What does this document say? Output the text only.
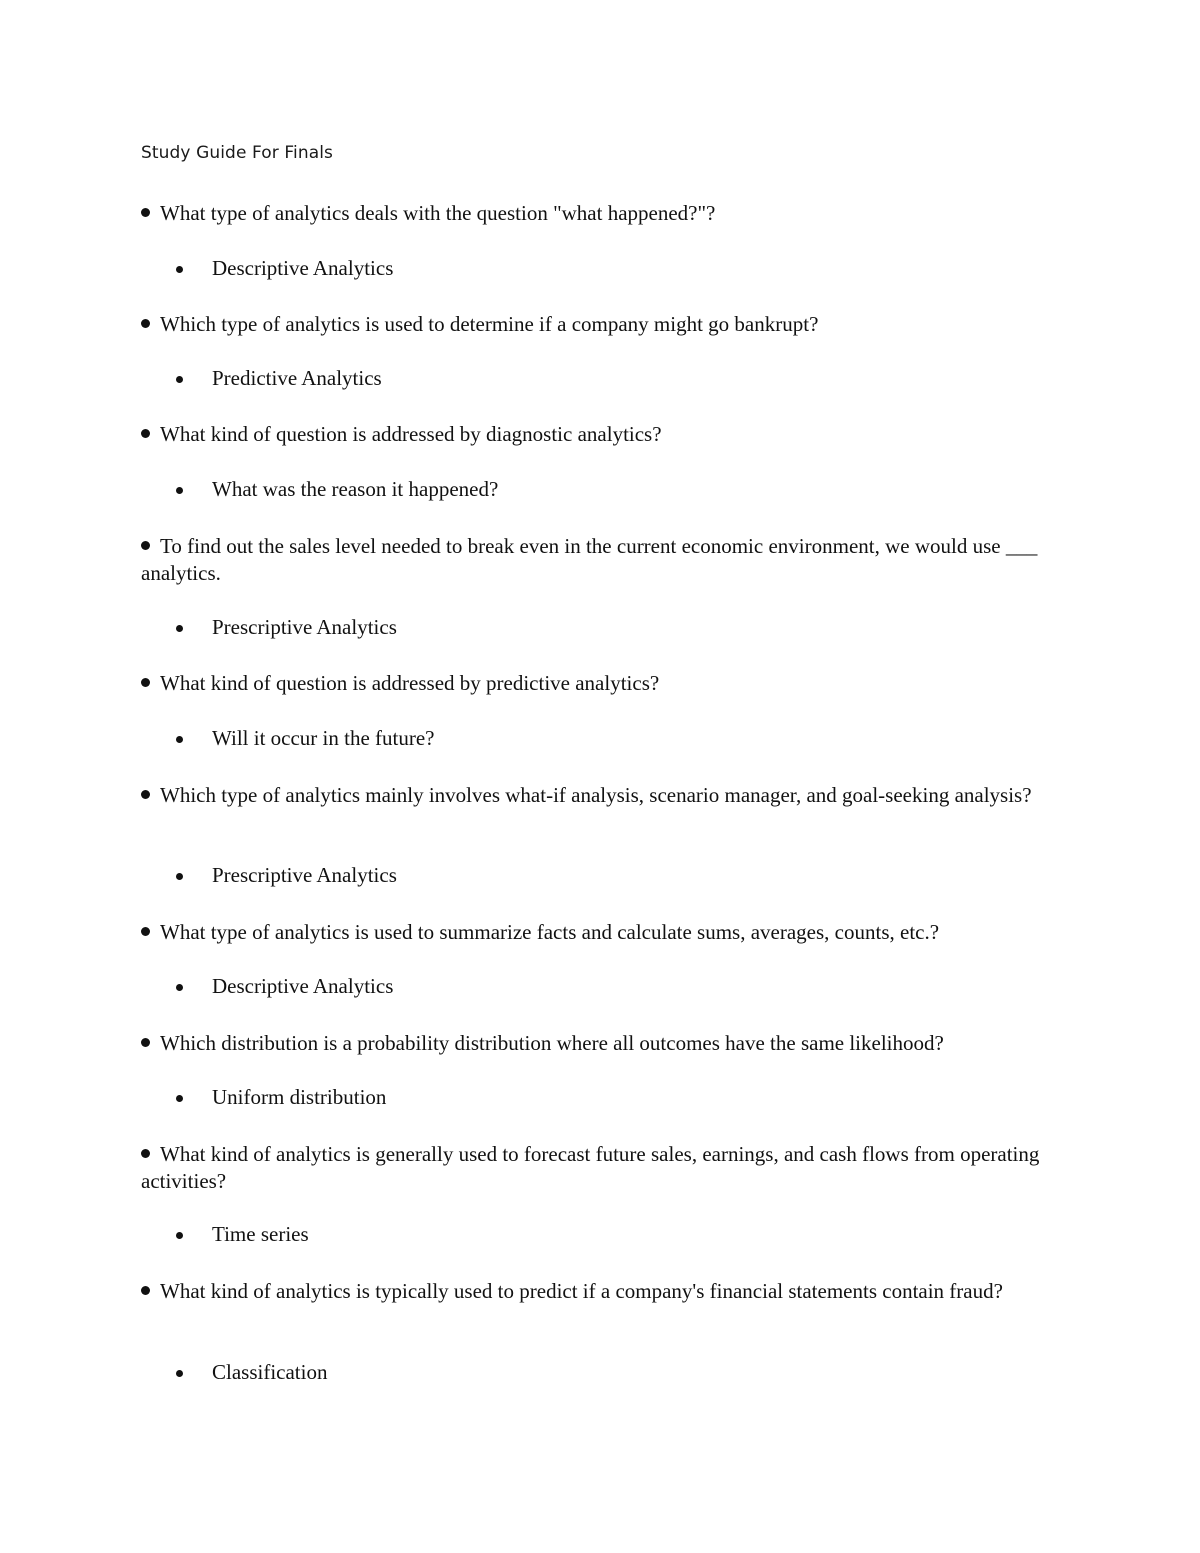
Study Guide For Finals
What type of analytics deals with the question "what happened?"?
Descriptive Analytics
Which type of analytics is used to determine if a company might go bankrupt?
Predictive Analytics
What kind of question is addressed by diagnostic analytics?
What was the reason it happened?
To find out the sales level needed to break even in the current economic environment, we would use ___ analytics.
Prescriptive Analytics
What kind of question is addressed by predictive analytics?
Will it occur in the future?
Which type of analytics mainly involves what-if analysis, scenario manager, and goal-seeking analysis?
Prescriptive Analytics
What type of analytics is used to summarize facts and calculate sums, averages, counts, etc.?
Descriptive Analytics
Which distribution is a probability distribution where all outcomes have the same likelihood?
Uniform distribution
What kind of analytics is generally used to forecast future sales, earnings, and cash flows from operating activities?
Time series
What kind of analytics is typically used to predict if a company's financial statements contain fraud?
Classification
